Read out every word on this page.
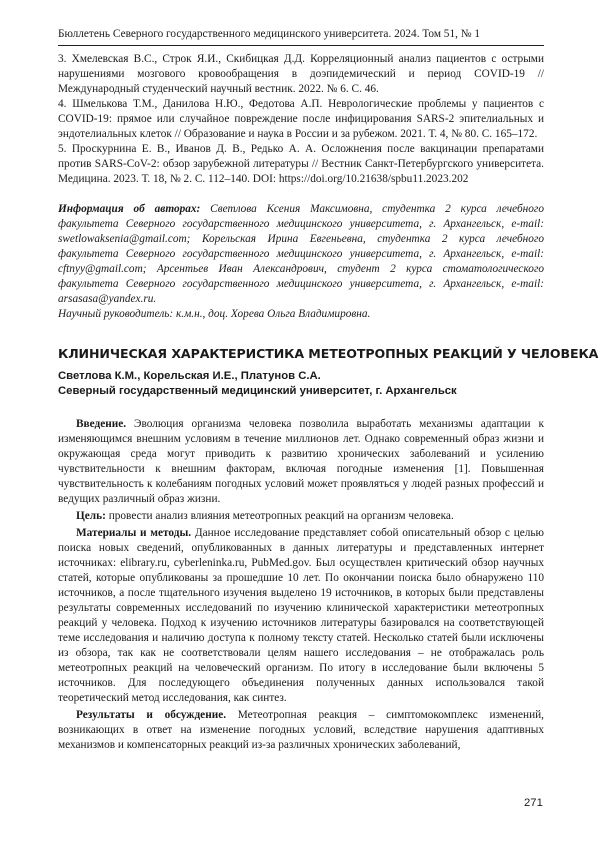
Бюллетень Северного государственного медицинского университета. 2024. Том 51, № 1

3. Хмелевская В.С., Строк Я.И., Скибицкая Д.Д. Корреляционный анализ пациентов с острыми нарушениями мозгового кровообращения в доэпидемический и период COVID-19 // Международный студенческий научный вестник. 2022. № 6. С. 46.

4. Шмелькова Т.М., Данилова Н.Ю., Федотова А.П. Неврологические проблемы у пациентов с COVID-19: прямое или случайное повреждение после инфицирования SARS-2 эпителиальных и эндотелиальных клеток // Образование и наука в России и за рубежом. 2021. Т. 4, № 80. С. 165–172.

5. Проскурнина Е. В., Иванов Д. В., Редько А. А. Осложнения после вакцинации препаратами против SARS-CoV-2: обзор зарубежной литературы // Вестник Санкт-Петербургского университета. Медицина. 2023. Т. 18, № 2. С. 112–140. DOI: https://doi.org/10.21638/spbu11.2023.202

Информация об авторах: Светлова Ксения Максимовна, студентка 2 курса лечебного факультета Северного государственного медицинского университета, г. Архангельск, e-mail: swetlowaksenia@gmail.com; Корельская Ирина Евгеньевна, студентка 2 курса лечебного факультета Северного государственного медицинского университета, г. Архангельск, e-mail: cftnyy@gmail.com; Арсентьев Иван Александрович, студент 2 курса стоматологического факультета Северного государственного медицинского университета, г. Архангельск, e-mail: arsasasa@yandex.ru.

Научный руководитель: к.м.н., доц. Хорева Ольга Владимировна.

КЛИНИЧЕСКАЯ ХАРАКТЕРИСТИКА МЕТЕОТРОПНЫХ РЕАКЦИЙ У ЧЕЛОВЕКА
Светлова К.М., Корельская И.Е., Платунов С.А.
Северный государственный медицинский университет, г. Архангельск

Введение. Эволюция организма человека позволила выработать механизмы адаптации к изменяющимся внешним условиям в течение миллионов лет. Однако современный образ жизни и окружающая среда могут приводить к развитию хронических заболеваний и усилению чувствительности к внешним факторам, включая погодные изменения [1]. Повышенная чувствительность к колебаниям погодных условий может проявляться у людей разных профессий и ведущих различный образ жизни.

Цель: провести анализ влияния метеотропных реакций на организм человека.

Материалы и методы. Данное исследование представляет собой описательный обзор с целью поиска новых сведений, опубликованных в данных литературы и представленных интернет источниках: elibrary.ru, cyberleninka.ru, PubMed.gov. Был осуществлен критический обзор научных статей, которые опубликованы за прошедшие 10 лет. По окончании поиска было обнаружено 110 источников, а после тщательного изучения выделено 19 источников, в которых были представлены результаты современных исследований по изучению клинической характеристики метеотропных реакций у человека. Подход к изучению источников литературы базировался на соответствующей теме исследования и наличию доступа к полному тексту статей. Несколько статей были исключены из обзора, так как не соответствовали целям нашего исследования – не отображалась роль метеотропных реакций на человеческий организм. По итогу в исследование были включены 5 источников. Для последующего объединения полученных данных использовался такой теоретический метод исследования, как синтез.

Результаты и обсуждение. Метеотропная реакция – симптомокомплекс изменений, возникающих в ответ на изменение погодных условий, вследствие нарушения адаптивных механизмов и компенсаторных реакций из-за различных хронических заболеваний,

271
